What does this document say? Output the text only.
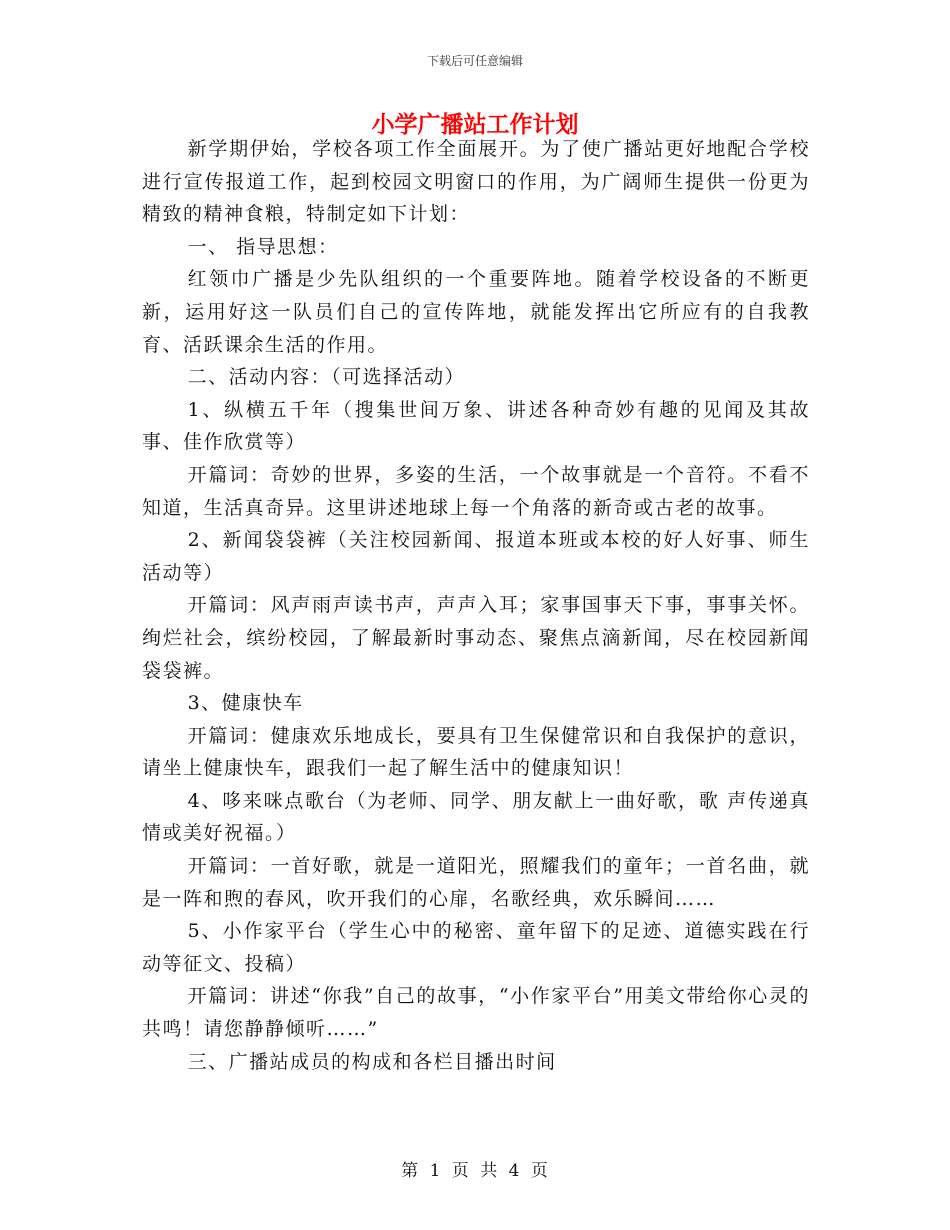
下载后可任意编辑
小学广播站工作计划

新学期伊始，学校各项工作全面展开。为了使广播站更好地配合学校进行宣传报道工作，起到校园文明窗口的作用，为广阔师生提供一份更为精致的精神食粮，特制定如下计划：

一、 指导思想：

红领巾广播是少先队组织的一个重要阵地。随着学校设备的不断更新，运用好这一队员们自己的宣传阵地，就能发挥出它所应有的自我教育、活跃课余生活的作用。

二、活动内容：（可选择活动）

1、纵横五千年（搜集世间万象、讲述各种奇妙有趣的见闻及其故事、佳作欣赏等）

开篇词：奇妙的世界，多姿的生活，一个故事就是一个音符。不看不知道，生活真奇异。这里讲述地球上每一个角落的新奇或古老的故事。

2、新闻袋袋裤（关注校园新闻、报道本班或本校的好人好事、师生活动等）

开篇词：风声雨声读书声，声声入耳；家事国事天下事，事事关怀。绚烂社会，缤纷校园，了解最新时事动态、聚焦点滴新闻，尽在校园新闻袋袋裤。

3、健康快车

开篇词：健康欢乐地成长，要具有卫生保健常识和自我保护的意识，请坐上健康快车，跟我们一起了解生活中的健康知识！

4、哆来咪点歌台（为老师、同学、朋友献上一曲好歌，歌 声传递真情或美好祝福。）

开篇词：一首好歌，就是一道阳光，照耀我们的童年；一首名曲，就是一阵和煦的春风，吹开我们的心扉，名歌经典，欢乐瞬间……

5、小作家平台（学生心中的秘密、童年留下的足迹、道德实践在行动等征文、投稿）

开篇词：讲述“你我”自己的故事，“小作家平台”用美文带给你心灵的共鸣！请您静静倾听……”

三、广播站成员的构成和各栏目播出时间

第 1 页 共 4 页
